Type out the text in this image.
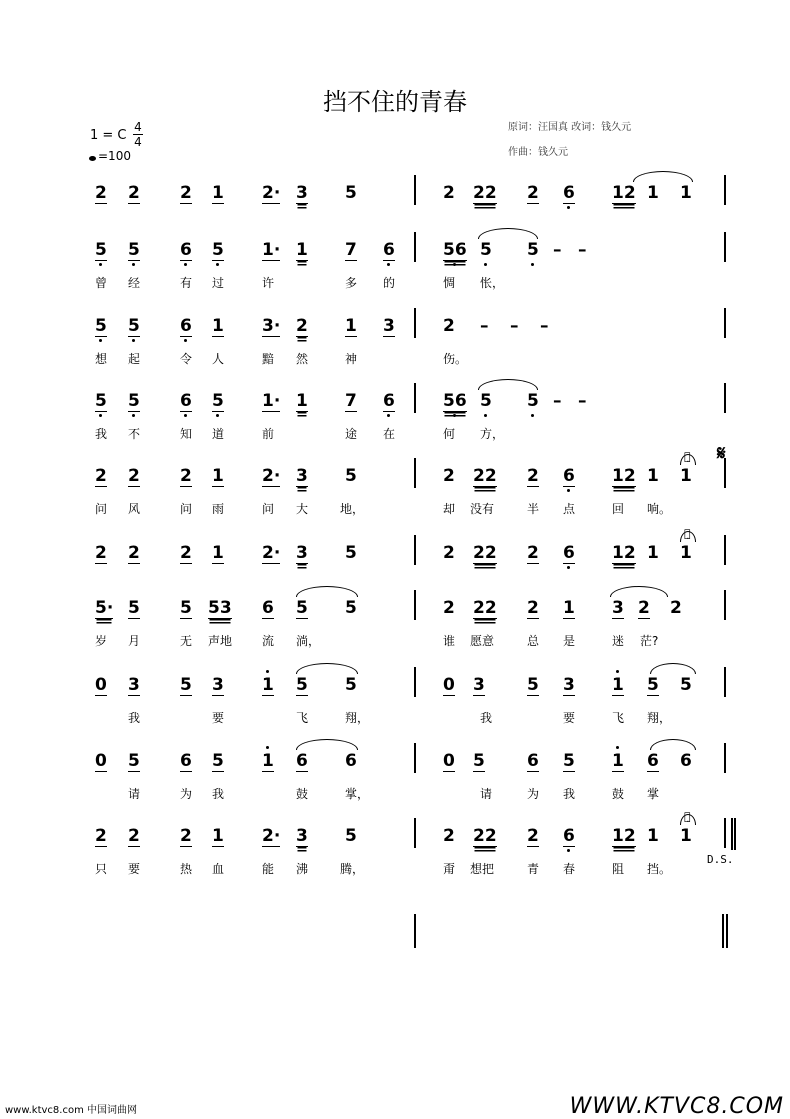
挡不住的青春
原词：汪国真 改词：钱久元
作曲：钱久元
1 = C
4
4
=100
2 2 2 1 2· 3 5	2 22 2 6 12 1 1
5 5 6 5 1· 1 7 6	56 5 5 – –
曾 经	有 过	许	多 的	惆 怅，
5 5 6 1 3· 2 1 3	2 – – –
想 起	令 人	黯 然	神	伤。
5 5 6 5 1· 1 7 6	56 5 5 – –
我 不	知 道	前	途 在	何 方，
2 2 2 1 2· 3 5	2 22 2 6 12 1 1
问 风	问 雨	问 大	地，	却 没有	半 点	回 响。
⌒̣
2 2 2 1 2· 3 5	2 22 2 6 12 1 1
⌒̣
5· 5 5 53 6 5 5	2 22 2 1 3 2 2
岁 月	无 声地 流 淌，	谁 愿意	总 是	迷 茫?
0 3 5 3 1 5 5	0 3 5 3 1 5 5
我	要	飞	翔，	我	要	飞 翔，
0 5 6 5 1 6 6	0 5 6 5 1 6 6
请	为 我	鼓	掌，	请	为 我	鼓 掌
2 2 2 1 2· 3 5	2 22 2 6 12 1 1
只 要	热 血	能 沸	腾，	甭 想把	青 春	阻 挡。
⌒̣
𝄋
D.S.
www.ktvc8.com 中国词曲网	WWW.KTVC8.COM
